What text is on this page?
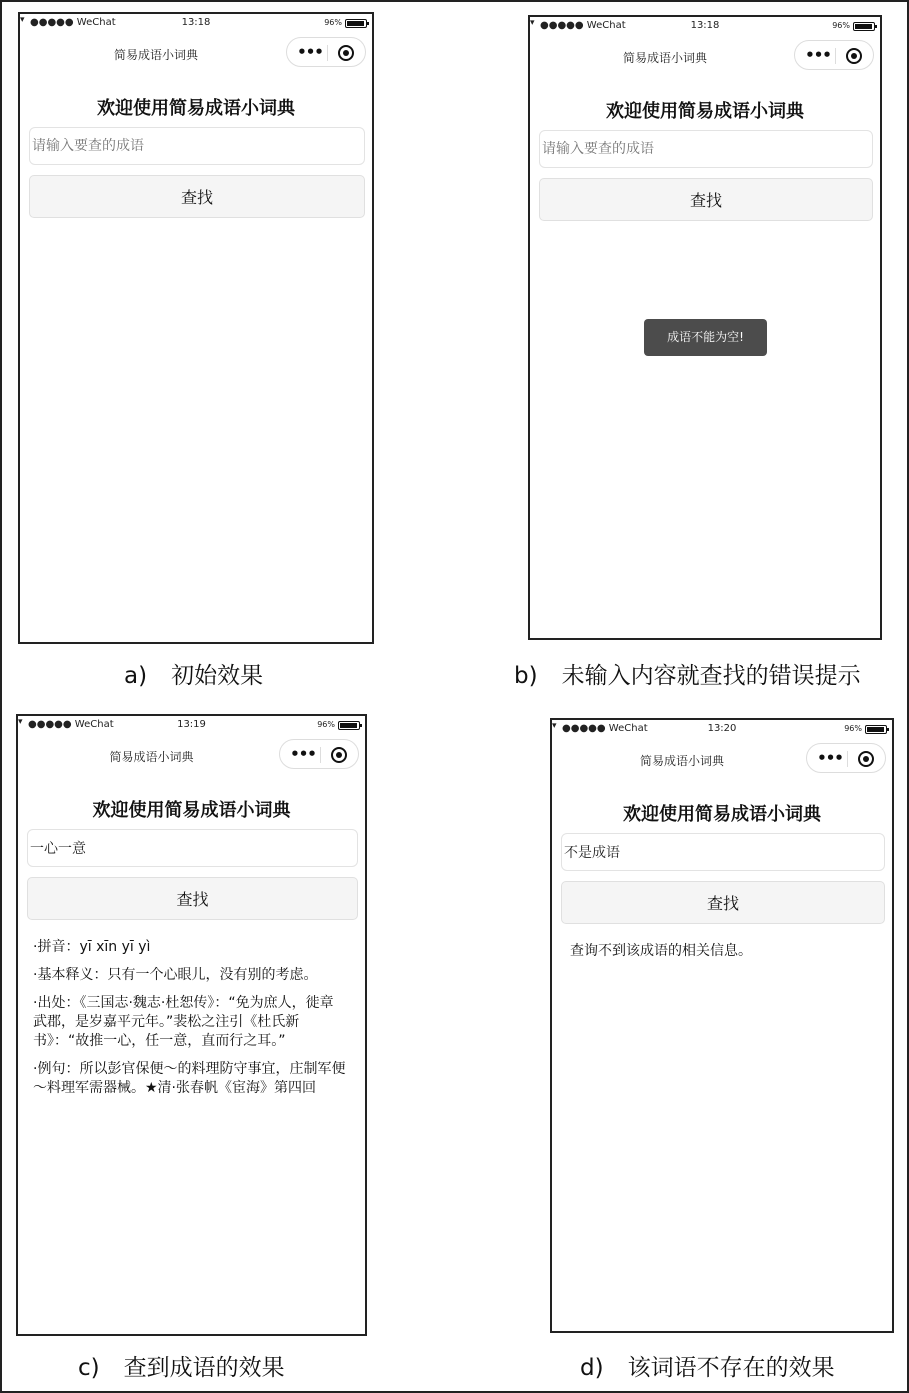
●●●●● WeChat
▾	13:18	96%
简易成语小词典	•••
欢迎使用简易成语小词典
请输入要查的成语
查找
●●●●● WeChat
▾	13:18	96%
简易成语小词典	•••
欢迎使用简易成语小词典
请输入要查的成语
查找
成语不能为空!
●●●●● WeChat
▾	13:19	96%
简易成语小词典	•••
欢迎使用简易成语小词典
一心一意
查找

·拼音：yī xīn yī yì

·基本释义：只有一个心眼儿，没有别的考虑。

·出处：《三国志·魏志·杜恕传》：“免为庶人，徙章武郡，是岁嘉平元年。”裴松之注引《杜氏新书》：“故推一心，任一意，直而行之耳。”

·例句：所以彭官保便～的料理防守事宜，庄制军便～料理军需器械。★清·张春帆《宦海》第四回

●●●●● WeChat
▾	13:20	96%
简易成语小词典	•••
欢迎使用简易成语小词典
不是成语
查找
查询不到该成语的相关信息。
a) 初始效果	b) 未输入内容就查找的错误提示
c) 查到成语的效果	d) 该词语不存在的效果
